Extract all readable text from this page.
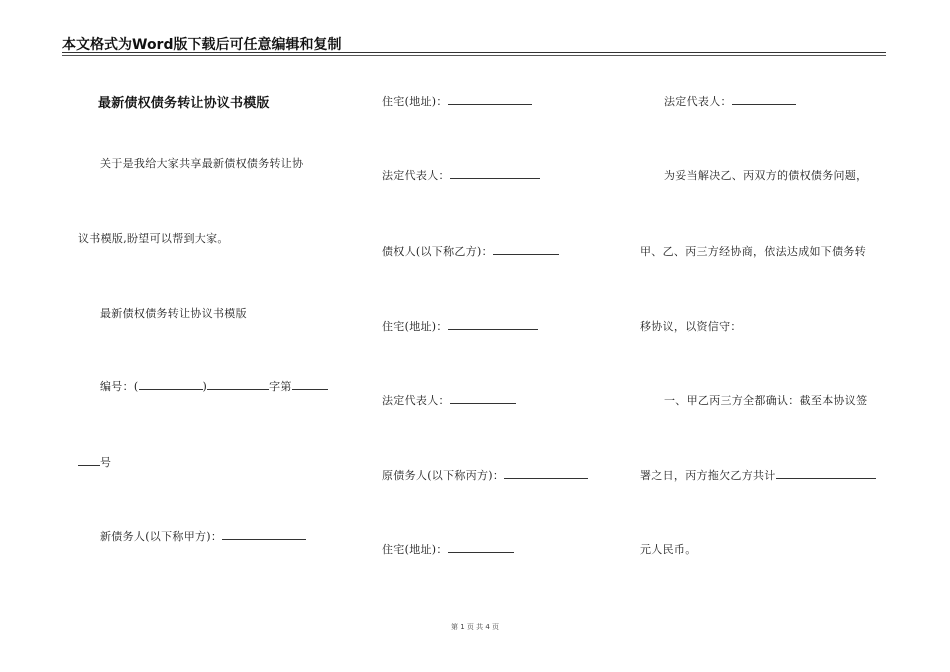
本文格式为Word版下载后可任意编辑和复制
最新债权债务转让协议书模版
关于是我给大家共享最新债权债务转让协
议书模版,盼望可以帮到大家。
最新债权债务转让协议书模版
编号：(	)	字第
号
新债务人(以下称甲方)：
住宅(地址)：
法定代表人：
债权人(以下称乙方)：
住宅(地址)：
法定代表人：
原债务人(以下称丙方)：
住宅(地址)：
法定代表人：
为妥当解决乙、丙双方的债权债务问题，
甲、乙、丙三方经协商，依法达成如下债务转
移协议，以资信守：
一、甲乙丙三方全都确认：截至本协议签
署之日，丙方拖欠乙方共计
元人民币。
第 1 页 共 4 页
